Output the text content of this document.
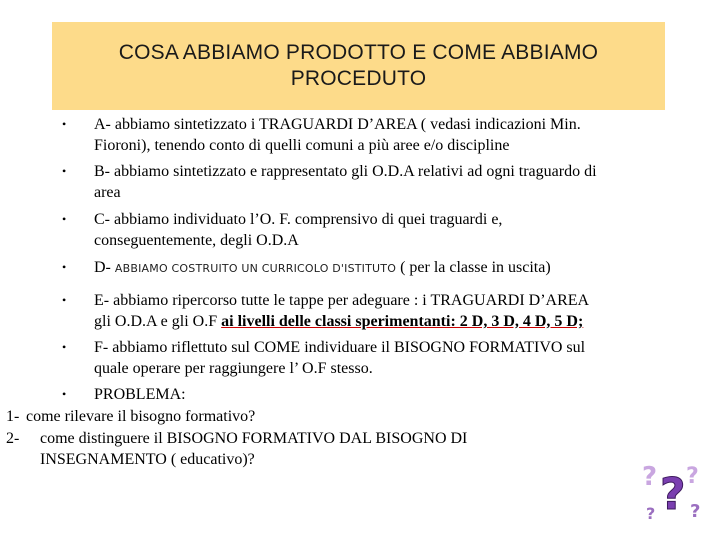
COSA ABBIAMO PRODOTTO E COME ABBIAMO
PROCEDUTO
• A- abbiamo sintetizzato i TRAGUARDI D’AREA ( vedasi indicazioni Min.
Fioroni), tenendo conto di quelli comuni a più aree e/o discipline
• B- abbiamo sintetizzato e rappresentato gli O.D.A relativi ad ogni traguardo di
area
• C- abbiamo individuato l’O. F. comprensivo di quei traguardi e,
conseguentemente, degli O.D.A
• D- ABBIAMO COSTRUITO UN CURRICOLO D'ISTITUTO ( per la classe in uscita)
• E- abbiamo ripercorso tutte le tappe per adeguare : i TRAGUARDI D’AREA
gli O.D.A e gli O.F ai livelli delle classi sperimentanti: 2 D, 3 D, 4 D, 5 D;
• F- abbiamo riflettuto sul COME individuare il BISOGNO FORMATIVO sul
quale operare per raggiungere l’ O.F stesso.
• PROBLEMA:
1- come rilevare il bisogno formativo?
2- come distinguere il BISOGNO FORMATIVO DAL BISOGNO DI
INSEGNAMENTO ( educativo)?
? ?
?
? ?
